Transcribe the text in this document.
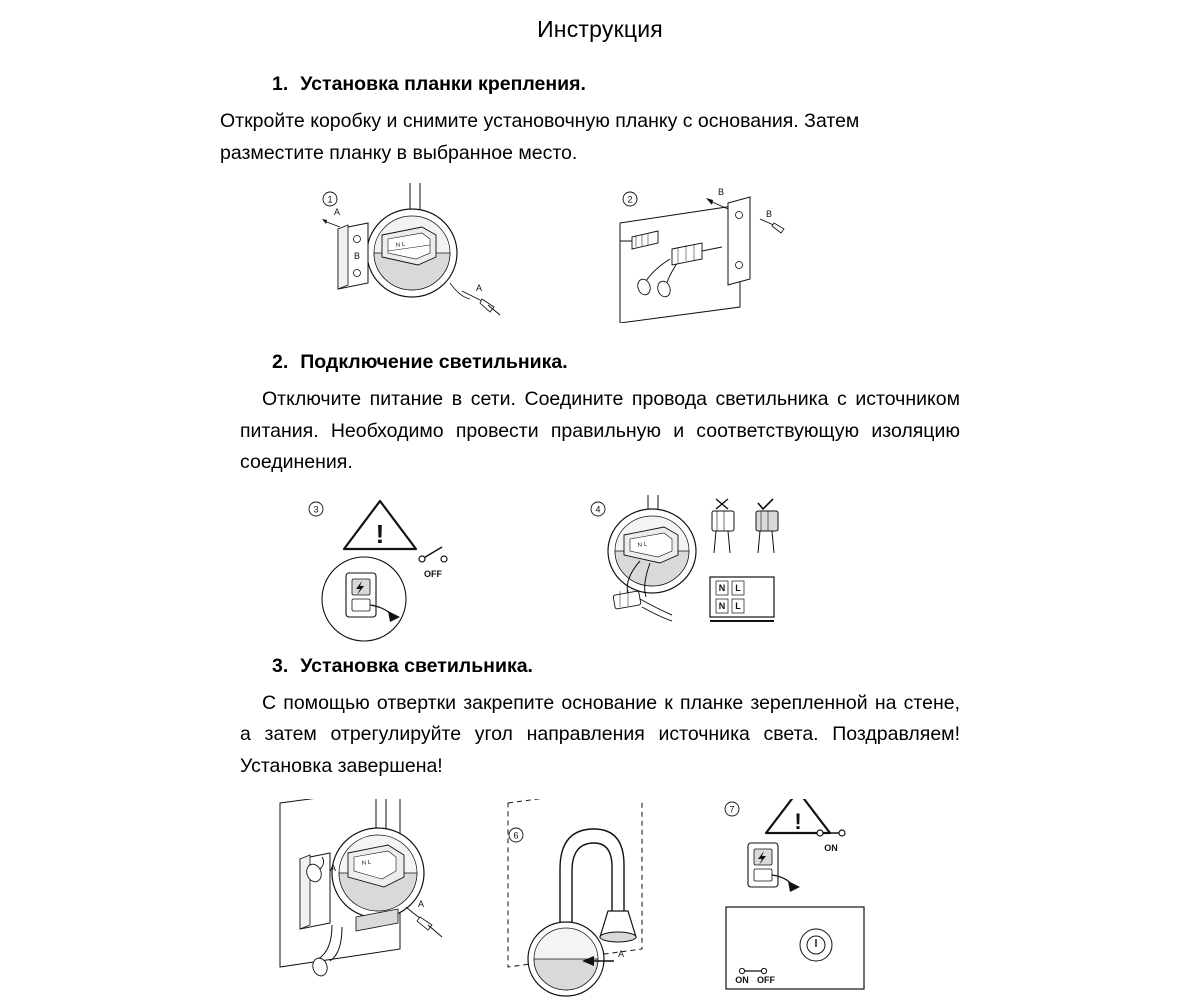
Инструкция
1. Установка планки крепления.

Откройте коробку и снимите установочную планку с основания. Затем разместите планку в выбранное место.

1
N L
A
B
A
2
B
B
2. Подключение светильника.

Отключите питание в сети. Соедините провода светильника с источником питания. Необходимо провести правильную и соответствующую изоляцию соединения.

3
!
OFF
4
N L
N L
N L
3. Установка светильника.

С помощью отвертки закрепите основание к планке зерепленной на стене, а затем отрегулируйте угол направления источника света. Поздравляем! Установка завершена!

N L
A
A
6
A
7	!
ON
ON OFF
